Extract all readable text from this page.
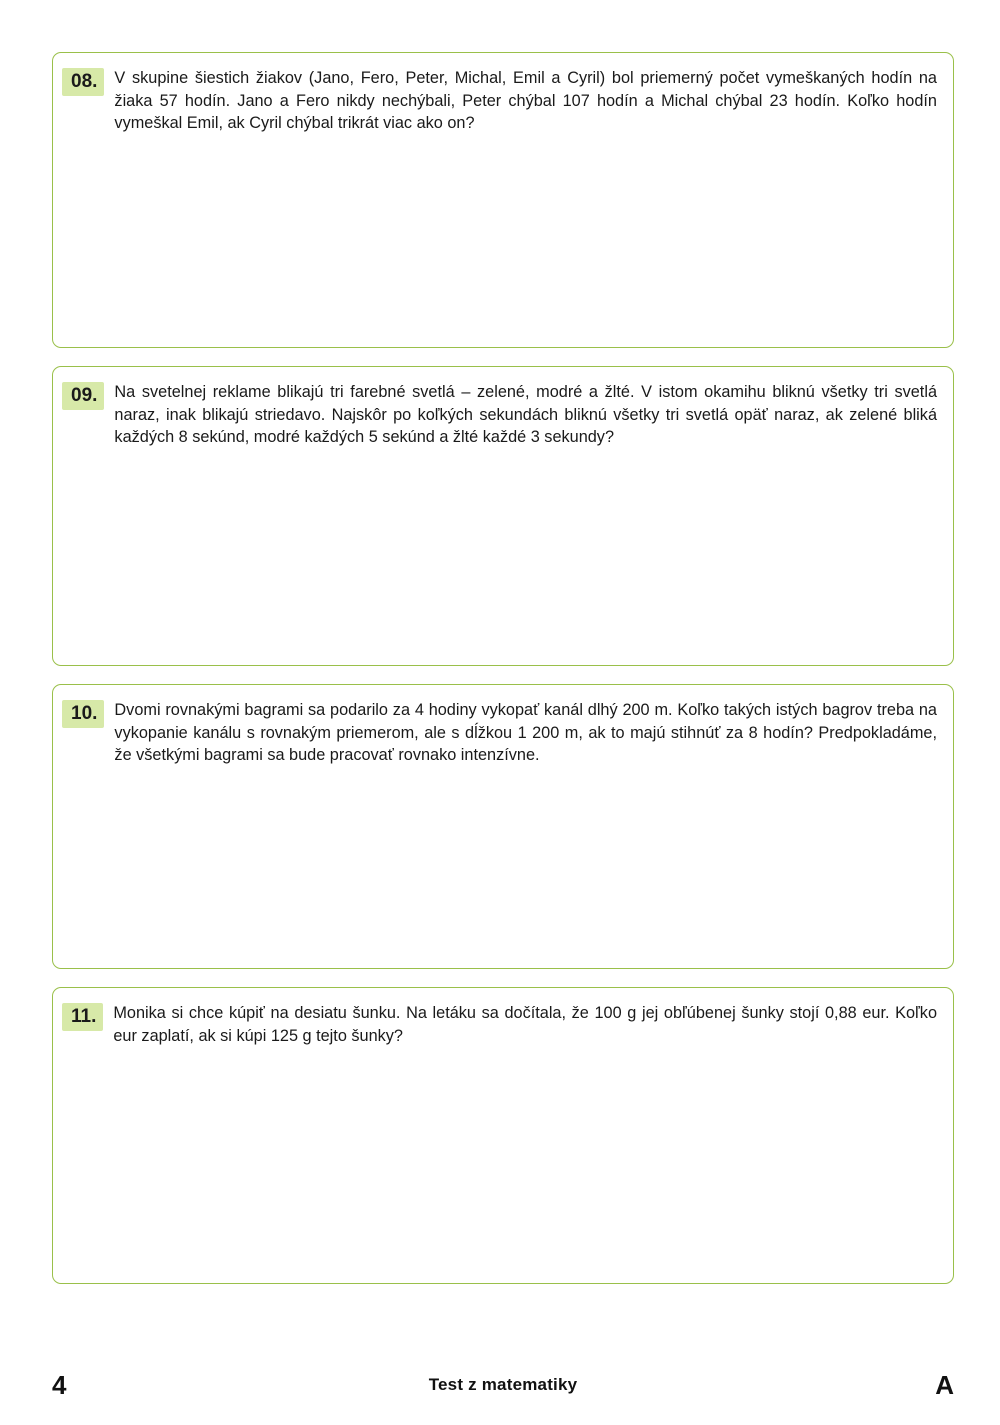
08.	V skupine šiestich žiakov (Jano, Fero, Peter, Michal, Emil a Cyril) bol priemerný počet vymeškaných hodín na žiaka 57 hodín. Jano a Fero nikdy nechýbali, Peter chýbal 107 hodín a Michal chýbal 23 hodín. Koľko hodín vymeškal Emil, ak Cyril chýbal trikrát viac ako on?
09.	Na svetelnej reklame blikajú tri farebné svetlá – zelené, modré a žlté. V istom okamihu bliknú všetky tri svetlá naraz, inak blikajú striedavo. Najskôr po koľkých sekundách bliknú všetky tri svetlá opäť naraz, ak zelené bliká každých 8 sekúnd, modré každých 5 sekúnd a žlté každé 3 sekundy?
10.	Dvomi rovnakými bagrami sa podarilo za 4 hodiny vykopať kanál dlhý 200 m. Koľko takých istých bagrov treba na vykopanie kanálu s rovnakým priemerom, ale s dĺžkou 1 200 m, ak to majú stihnúť za 8 hodín? Predpokladáme, že všetkými bagrami sa bude pracovať rovnako intenzívne.
11.	Monika si chce kúpiť na desiatu šunku. Na letáku sa dočítala, že 100 g jej obľúbenej šunky stojí 0,88 eur. Koľko eur zaplatí, ak si kúpi 125 g tejto šunky?
4	Test z matematiky	A
